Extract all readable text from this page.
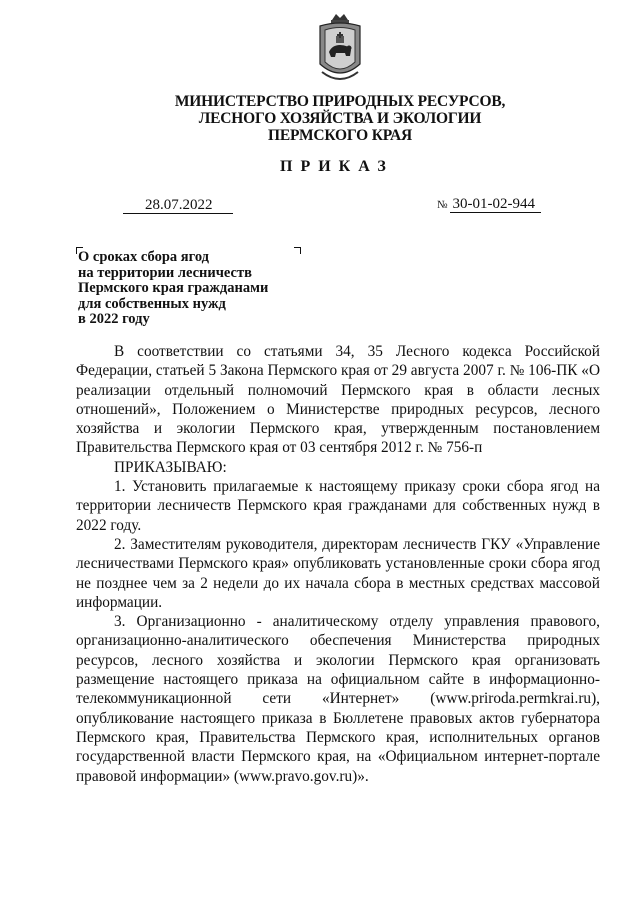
МИНИСТЕРСТВО ПРИРОДНЫХ РЕСУРСОВ,
ЛЕСНОГО ХОЗЯЙСТВА И ЭКОЛОГИИ
ПЕРМСКОГО КРАЯ
ПРИКАЗ
28.07.2022	№ 30-01-02-944
О сроках сбора ягод
на территории лесничеств
Пермского края гражданами
для собственных нужд
в 2022 году

В соответствии со статьями 34, 35 Лесного кодекса Российской Федерации, статьей 5 Закона Пермского края от 29 августа 2007 г. № 106-ПК «О реализации отдельный полномочий Пермского края в области лесных отношений», Положением о Министерстве природных ресурсов, лесного хозяйства и экологии Пермского края, утвержденным постановлением Правительства Пермского края от 03 сентября 2012 г. № 756-п

ПРИКАЗЫВАЮ:

1. Установить прилагаемые к настоящему приказу сроки сбора ягод на территории лесничеств Пермского края гражданами для собственных нужд в 2022 году.

2. Заместителям руководителя, директорам лесничеств ГКУ «Управление лесничествами Пермского края» опубликовать установленные сроки сбора ягод не позднее чем за 2 недели до их начала сбора в местных средствах массовой информации.

3. Организационно - аналитическому отделу управления правового, организационно-аналитического обеспечения Министерства природных ресурсов, лесного хозяйства и экологии Пермского края организовать размещение настоящего приказа на официальном сайте в информационно-телекоммуникационной сети «Интернет» (www.priroda.permkrai.ru), опубликование настоящего приказа в Бюллетене правовых актов губернатора Пермского края, Правительства Пермского края, исполнительных органов государственной власти Пермского края, на «Официальном интернет-портале правовой информации» (www.pravo.gov.ru)».
